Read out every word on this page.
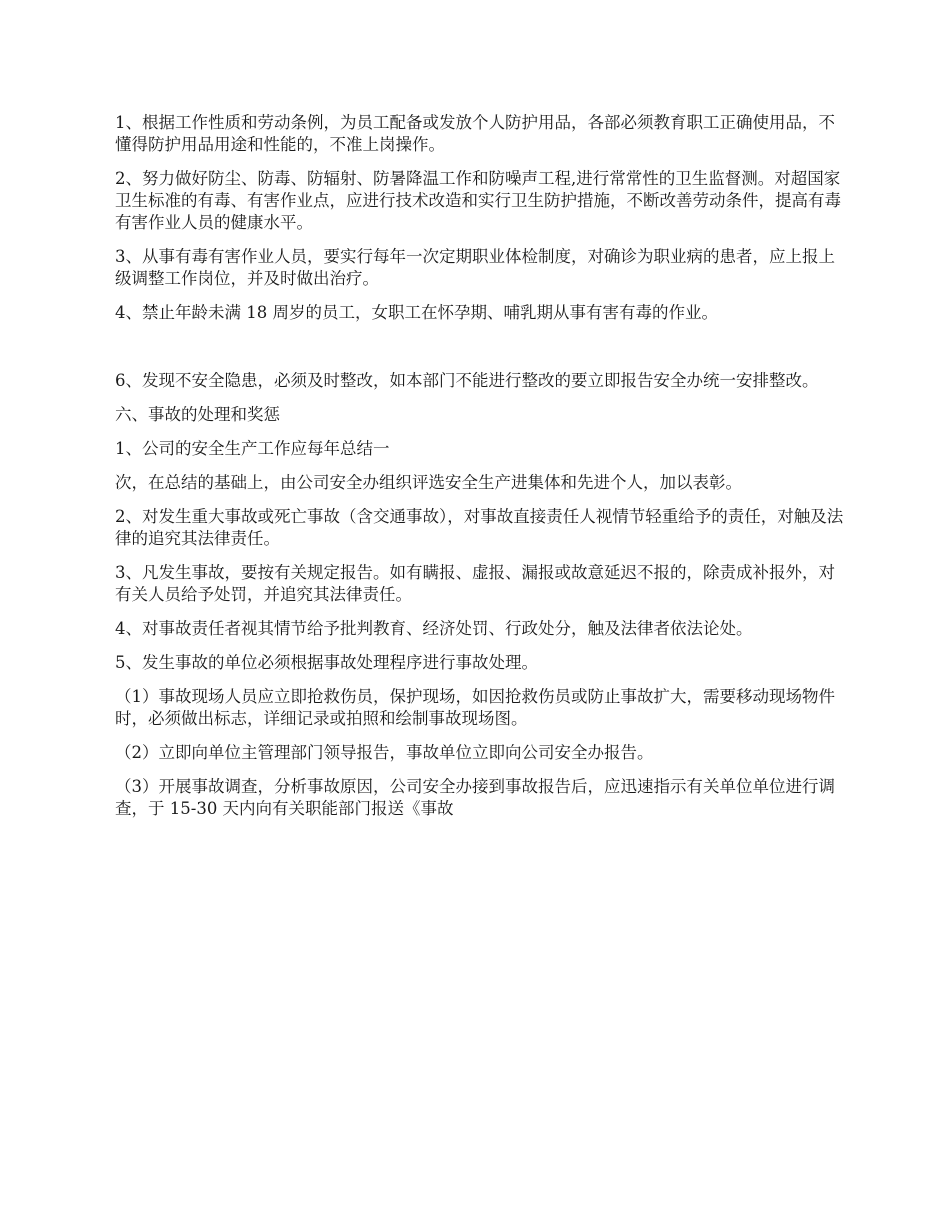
1、根据工作性质和劳动条例，为员工配备或发放个人防护用品，各部必须教育职工正确使用品，不懂得防护用品用途和性能的，不准上岗操作。

2、努力做好防尘、防毒、防辐射、防暑降温工作和防噪声工程,进行常常性的卫生监督测。对超国家卫生标准的有毒、有害作业点，应进行技术改造和实行卫生防护措施，不断改善劳动条件，提高有毒有害作业人员的健康水平。

3、从事有毒有害作业人员，要实行每年一次定期职业体检制度，对确诊为职业病的患者，应上报上级调整工作岗位，并及时做出治疗。

4、禁止年龄未满 18 周岁的员工，女职工在怀孕期、哺乳期从事有害有毒的作业。

6、发现不安全隐患，必须及时整改，如本部门不能进行整改的要立即报告安全办统一安排整改。

六、事故的处理和奖惩

1、公司的安全生产工作应每年总结一

次，在总结的基础上，由公司安全办组织评选安全生产进集体和先进个人，加以表彰。

2、对发生重大事故或死亡事故（含交通事故），对事故直接责任人视情节轻重给予的责任，对触及法律的追究其法律责任。

3、凡发生事故，要按有关规定报告。如有瞒报、虚报、漏报或故意延迟不报的，除责成补报外，对有关人员给予处罚，并追究其法律责任。

4、对事故责任者视其情节给予批判教育、经济处罚、行政处分，触及法律者依法论处。

5、发生事故的单位必须根据事故处理程序进行事故处理。

（1）事故现场人员应立即抢救伤员，保护现场，如因抢救伤员或防止事故扩大，需要移动现场物件时，必须做出标志，详细记录或拍照和绘制事故现场图。

（2）立即向单位主管理部门领导报告，事故单位立即向公司安全办报告。

（3）开展事故调查，分析事故原因，公司安全办接到事故报告后，应迅速指示有关单位单位进行调查，于 15-30 天内向有关职能部门报送《事故
